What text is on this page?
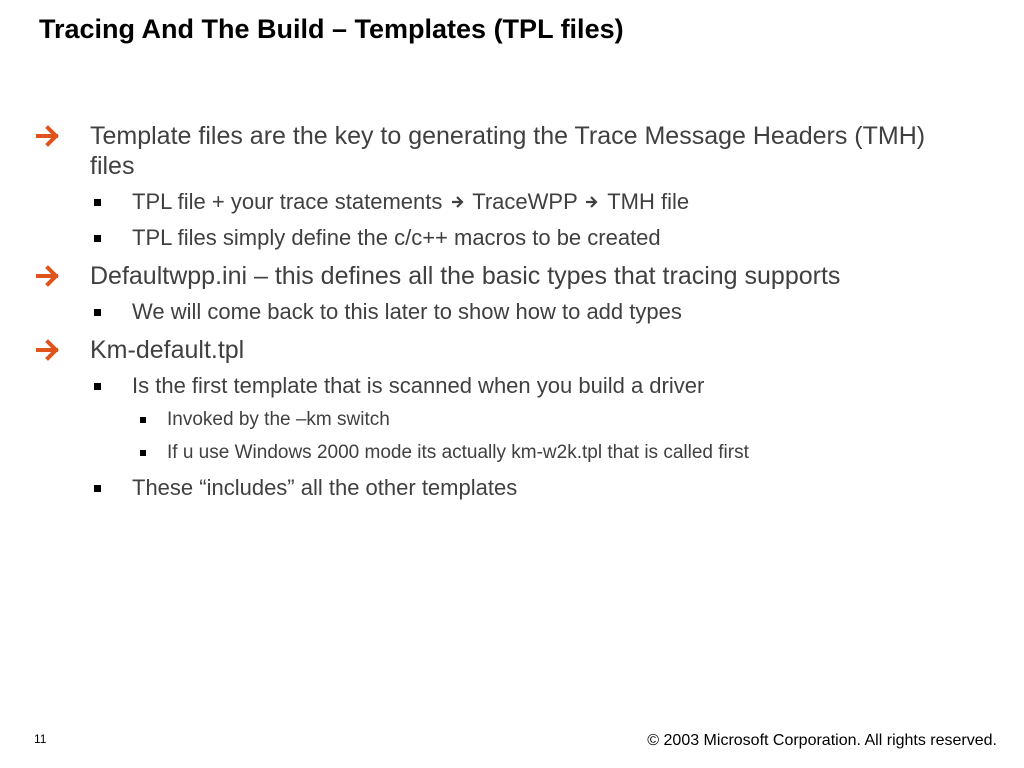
Tracing And The Build – Templates (TPL files)
Template files are the key to generating the Trace Message Headers (TMH) files
TPL file + your trace statements TraceWPP TMH file
TPL files simply define the c/c++ macros to be created
Defaultwpp.ini – this defines all the basic types that tracing supports
We will come back to this later to show how to add types
Km-default.tpl
Is the first template that is scanned when you build a driver
Invoked by the –km switch
If u use Windows 2000 mode its actually km-w2k.tpl that is called first
These “includes” all the other templates
11	© 2003 Microsoft Corporation. All rights reserved.
